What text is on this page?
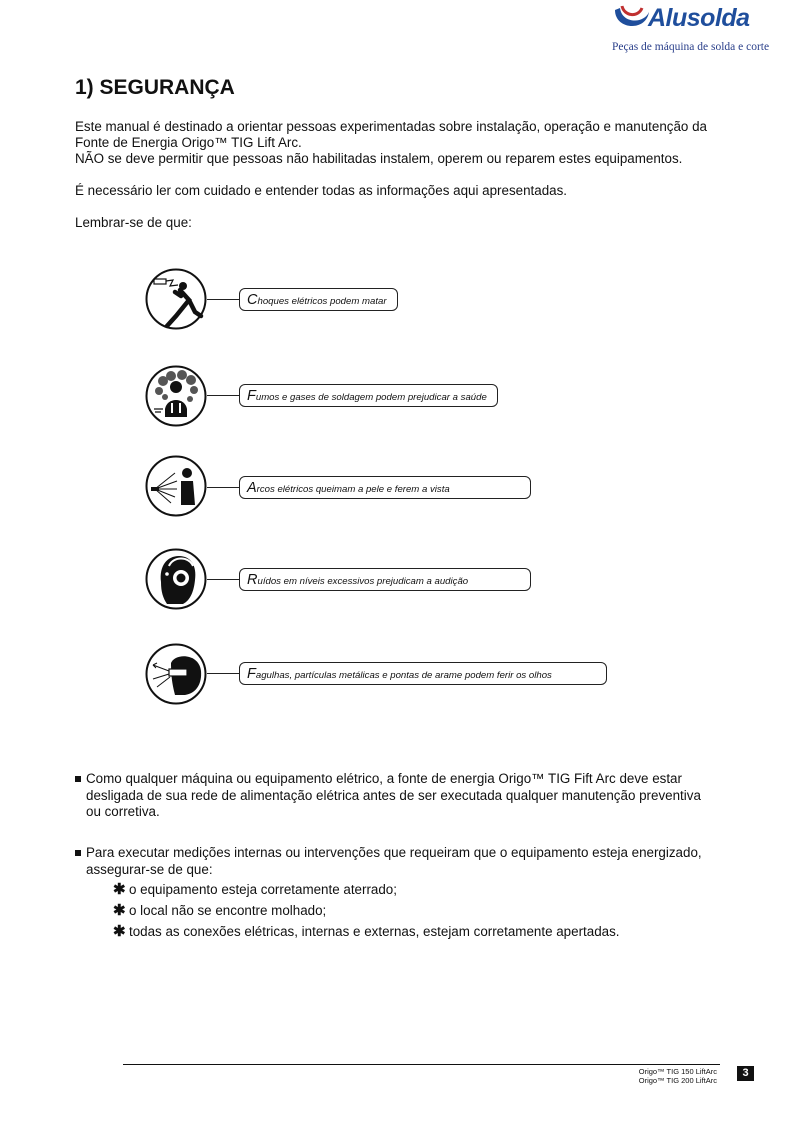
Alusolda
Peças de máquina de solda e corte
1) SEGURANÇA

Este manual é destinado a orientar pessoas experimentadas sobre instalação, operação e manutenção da

Fonte de Energia Origo™ TIG Lift Arc.

NÃO se deve permitir que pessoas não habilitadas instalem, operem ou reparem estes equipamentos.

É necessário ler com cuidado e entender todas as informações aqui apresentadas.

Lembrar-se de que:

Choques elétricos podem matar
Fumos e gases de soldagem podem prejudicar a saúde
Arcos elétricos queimam a pele e ferem a vista
Ruídos em níveis excessivos prejudicam a audição
Fagulhas, partículas metálicas e pontas de arame podem ferir os olhos
Como qualquer máquina ou equipamento elétrico, a fonte de energia Origo™ TIG Fift Arc deve estar
desligada de sua rede de alimentação elétrica antes de ser executada qualquer manutenção preventiva
ou corretiva.
Para executar medições internas ou intervenções que requeiram que o equipamento esteja energizado,
assegurar-se de que:
✱ o equipamento esteja corretamente aterrado;
✱ o local não se encontre molhado;
✱ todas as conexões elétricas, internas e externas, estejam corretamente apertadas.
Origo™ TIG 150 LiftArc
Origo™ TIG 200 LiftArc
3
